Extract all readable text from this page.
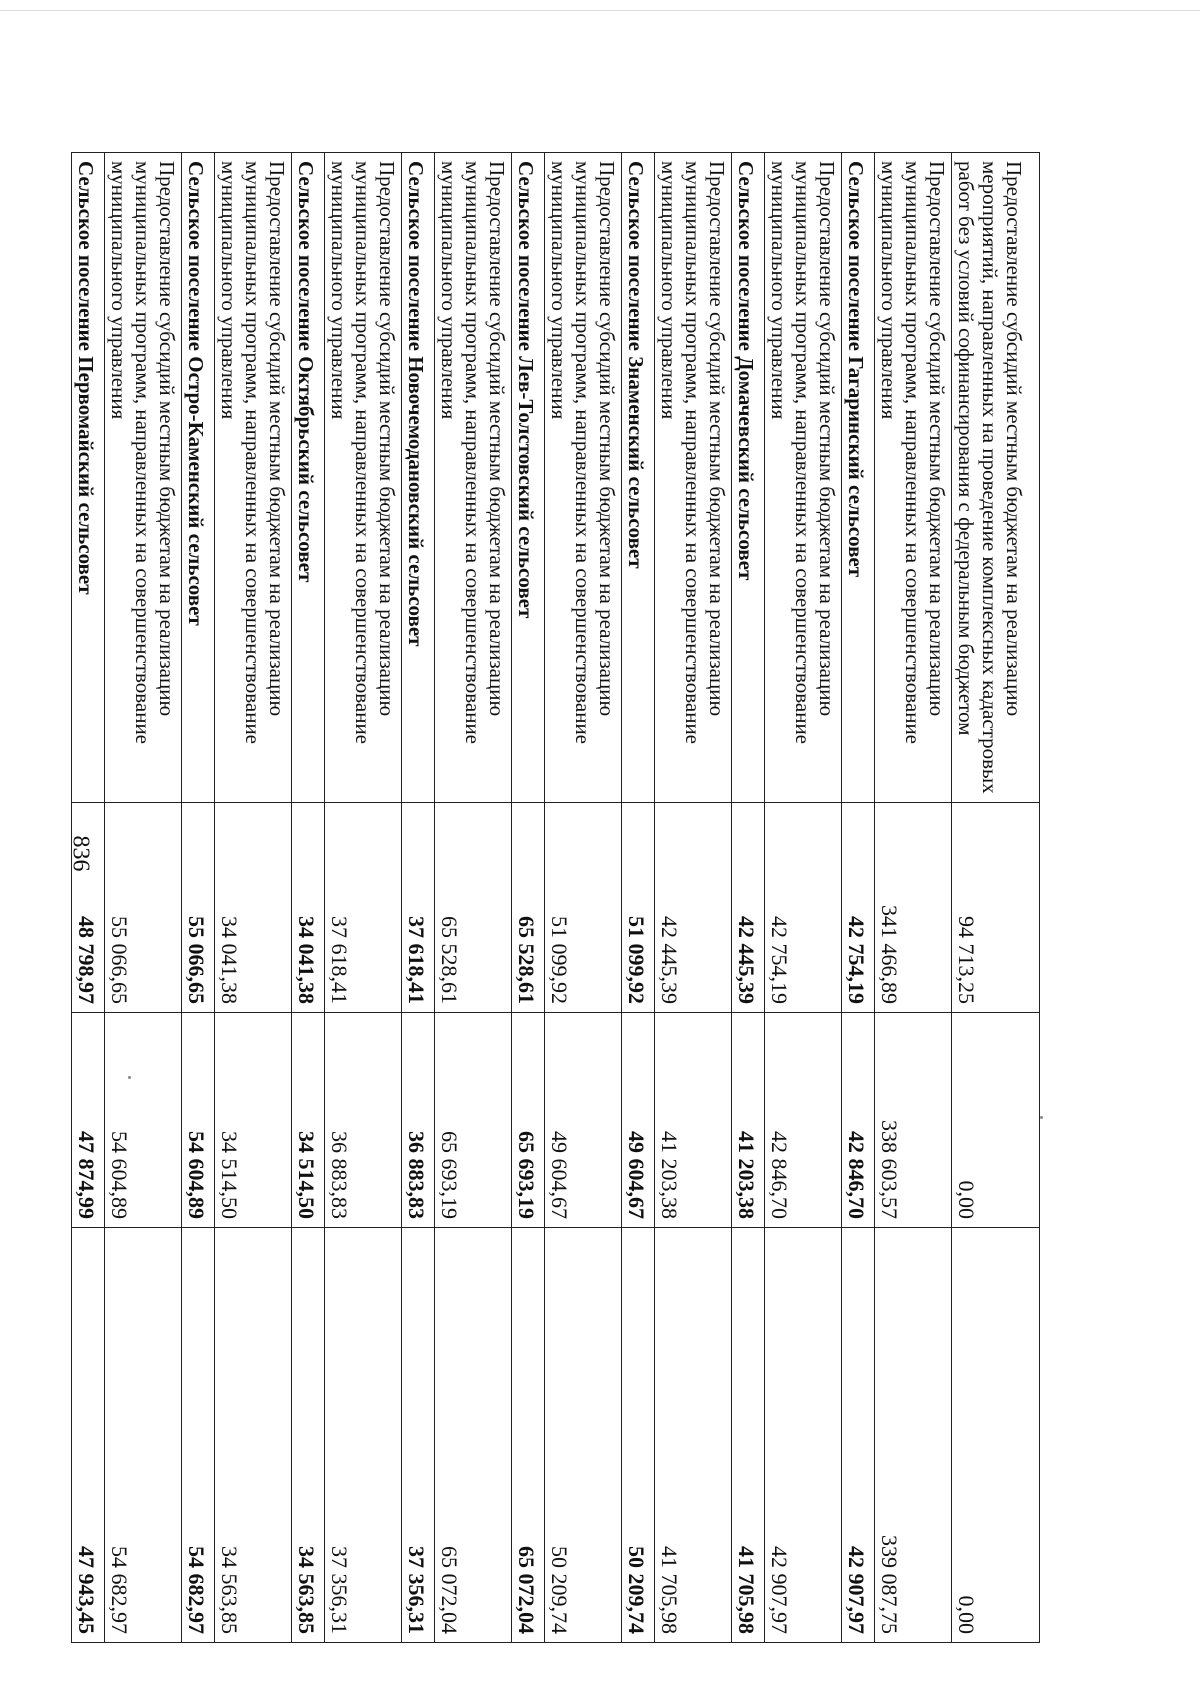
836
Предоставление субсидий местным бюджетам на реализацию мероприятий, направленных на проведение комплексных кадастровых работ без условий софинансирования с федеральным бюджетом	94 713,25	0,00	0,00
Предоставление субсидий местным бюджетам на реализацию муниципальных программ, направленных на совершенствование муниципального управления	341 466,89	338 603,57	339 087,75
Сельское поселение Гагаринский сельсовет	42 754,19	42 846,70	42 907,97
Предоставление субсидий местным бюджетам на реализацию муниципальных программ, направленных на совершенствование муниципального управления	42 754,19	42 846,70	42 907,97
Сельское поселение Домачевский сельсовет	42 445,39	41 203,38	41 705,98
Предоставление субсидий местным бюджетам на реализацию муниципальных программ, направленных на совершенствование муниципального управления	42 445,39	41 203,38	41 705,98
Сельское поселение Знаменский сельсовет	51 099,92	49 604,67	50 209,74
Предоставление субсидий местным бюджетам на реализацию муниципальных программ, направленных на совершенствование муниципального управления	51 099,92	49 604,67	50 209,74
Сельское поселение Лев-Толстовский сельсовет	65 528,61	65 693,19	65 072,04
Предоставление субсидий местным бюджетам на реализацию муниципальных программ, направленных на совершенствование муниципального управления	65 528,61	65 693,19	65 072,04
Сельское поселение Новочемодановский сельсовет	37 618,41	36 883,83	37 356,31
Предоставление субсидий местным бюджетам на реализацию муниципальных программ, направленных на совершенствование муниципального управления	37 618,41	36 883,83	37 356,31
Сельское поселение Октябрьский сельсовет	34 041,38	34 514,50	34 563,85
Предоставление субсидий местным бюджетам на реализацию муниципальных программ, направленных на совершенствование муниципального управления	34 041,38	34 514,50	34 563,85
Сельское поселение Остро-Каменский сельсовет	55 066,65	54 604,89	54 682,97
Предоставление субсидий местным бюджетам на реализацию муниципальных программ, направленных на совершенствование муниципального управления	55 066,65	54 604,89	54 682,97
Сельское поселение Первомайский сельсовет	48 798,97	47 874,99	47 943,45
